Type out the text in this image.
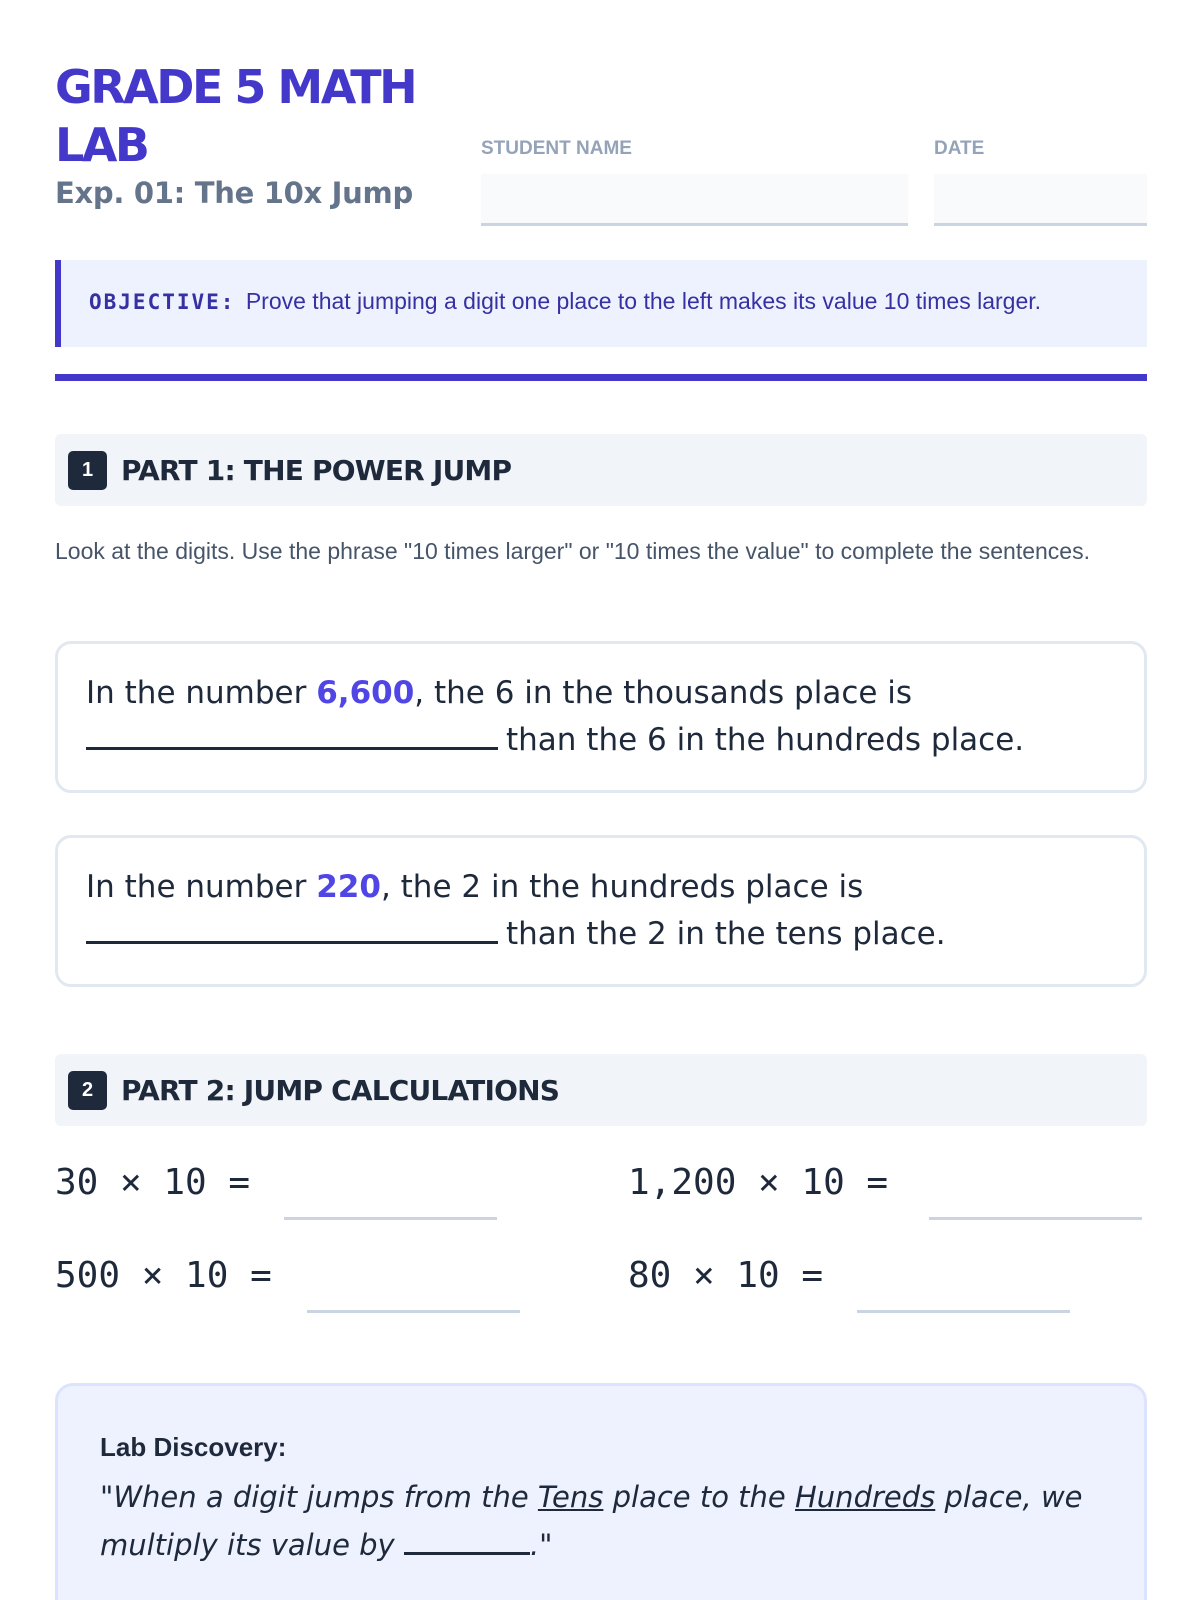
GRADE 5 MATH LAB
Exp. 01: The 10x Jump
STUDENT NAME	DATE
OBJECTIVE: Prove that jumping a digit one place to the left makes its value 10 times larger.
1 PART 1: THE POWER JUMP
Look at the digits. Use the phrase "10 times larger" or "10 times the value" to complete the sentences.
In the number 6,600, the 6 in the thousands place is
than the 6 in the hundreds place.
In the number 220, the 2 in the hundreds place is
than the 2 in the tens place.
2 PART 2: JUMP CALCULATIONS
30 × 10 =	1,200 × 10 =
500 × 10 =	80 × 10 =
Lab Discovery:
"When a digit jumps from the Tens place to the Hundreds place, we multiply its value by	."
